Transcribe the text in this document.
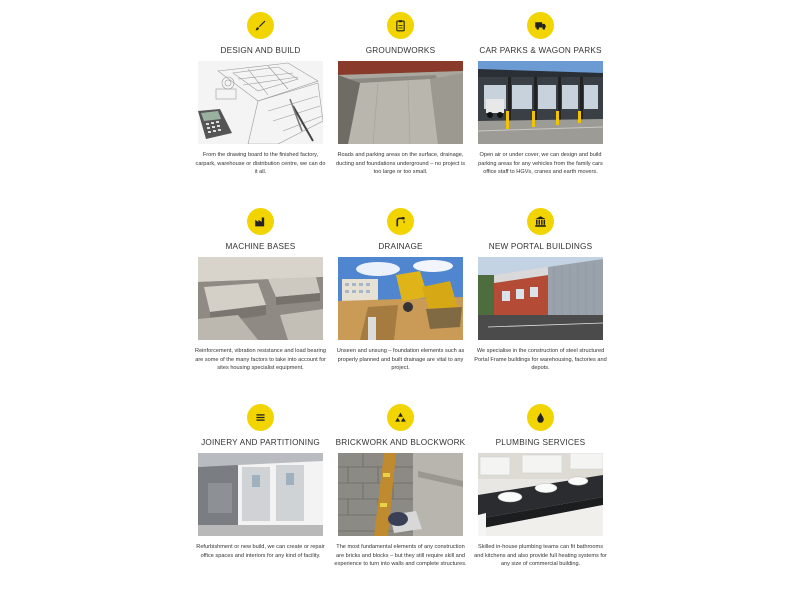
DESIGN AND BUILD
From the drawing board to the finished factory, carpark, warehouse or distribution centre, we can do it all.
GROUNDWORKS
Roads and parking areas on the surface, drainage, ducting and foundations underground – no project is too large or too small.
CAR PARKS & WAGON PARKS
Open air or under cover, we can design and build parking areas for any vehicles from the family cars office staff to HGVs, cranes and earth movers.
MACHINE BASES
Reinforcement, vibration resistance and load bearing are some of the many factors to take into account for sites housing specialist equipment.
DRAINAGE
Unseen and unsung – foundation elements such as properly planned and built drainage are vital to any project.
NEW PORTAL BUILDINGS
We specialise in the construction of steel structured Portal Frame buildings for warehousing, factories and depots.
JOINERY AND PARTITIONING
Refurbishment or new build, we can create or repair office spaces and interiors for any kind of facility.
BRICKWORK AND BLOCKWORK
The most fundamental elements of any construction are bricks and blocks – but they still require skill and experience to turn into walls and complete structures.
PLUMBING SERVICES
Skilled in-house plumbing teams can fit bathrooms and kitchens and also provide full heating systems for any size of commercial building.
